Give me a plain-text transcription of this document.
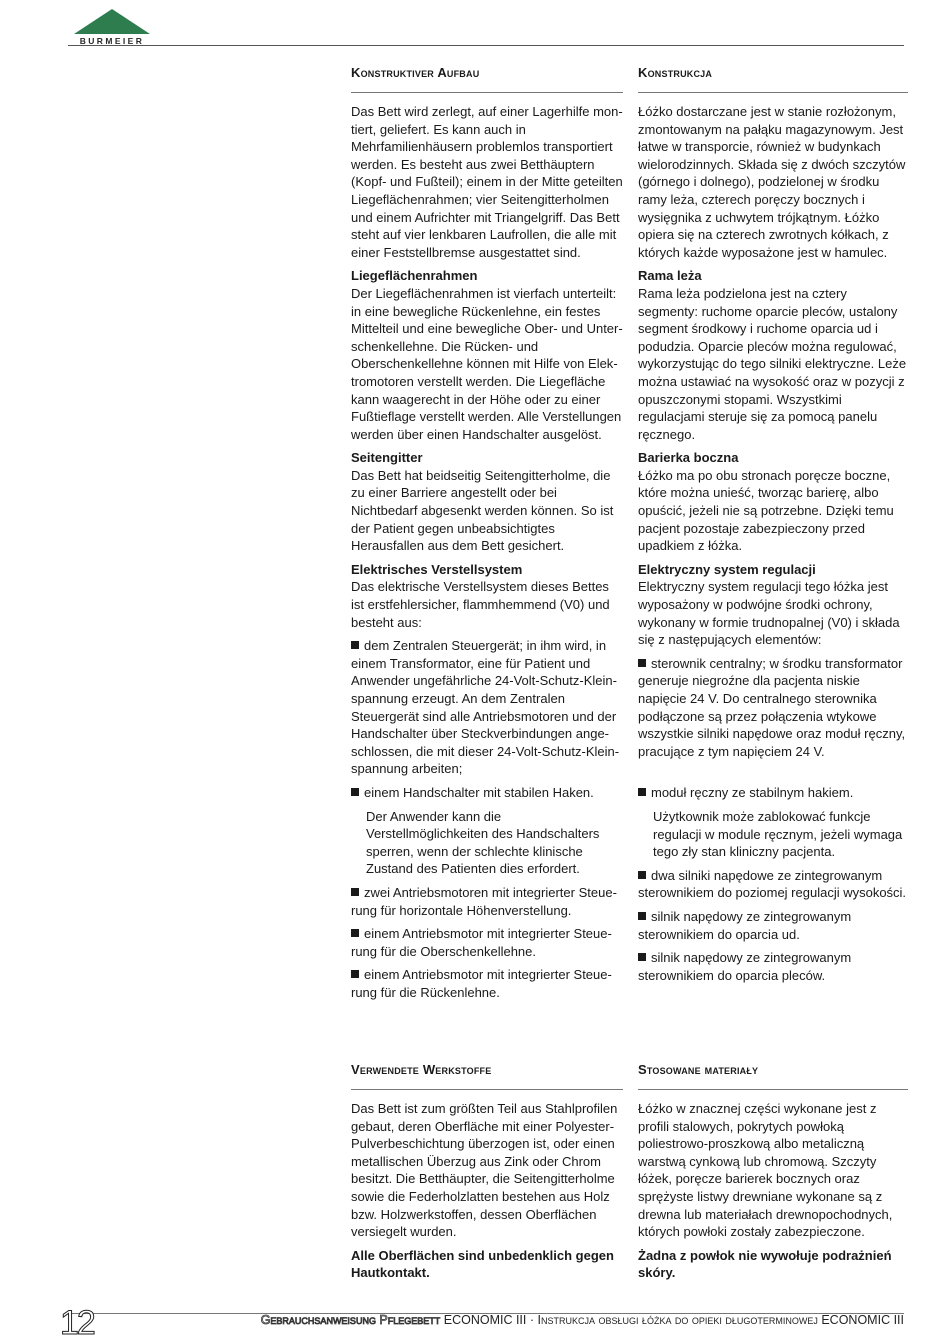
BURMEIER
Konstruktiver Aufbau

Das Bett wird zerlegt, auf einer Lagerhilfe montiert, geliefert. Es kann auch in Mehrfamilienhäusern problemlos transportiert werden. Es besteht aus zwei Betthäuptern (Kopf- und Fußteil); einem in der Mitte geteilten Liegeflächenrahmen; vier Seitengitterholmen und einem Aufrichter mit Triangelgriff. Das Bett steht auf vier lenkbaren Laufrollen, die alle mit einer Feststellbremse ausgestattet sind.

Liegeflächenrahmen

Der Liegeflächenrahmen ist vierfach unterteilt: in eine bewegliche Rückenlehne, ein festes Mittelteil und eine bewegliche Ober- und Unterschenkellehne. Die Rücken- und Oberschenkellehne können mit Hilfe von Elektromotoren verstellt werden. Die Liegefläche kann waagerecht in der Höhe oder zu einer Fußtieflage verstellt werden. Alle Verstellungen werden über einen Handschalter ausgelöst.

Seitengitter

Das Bett hat beidseitig Seitengitterholme, die zu einer Barriere angestellt oder bei Nichtbedarf abgesenkt werden können. So ist der Patient gegen unbeabsichtigtes Herausfallen aus dem Bett gesichert.

Elektrisches Verstellsystem

Das elektrische Verstellsystem dieses Bettes ist erstfehlersicher, flammhemmend (V0) und besteht aus:

dem Zentralen Steuergerät; in ihm wird, in einem Transformator, eine für Patient und Anwender ungefährliche 24-Volt-Schutz-Kleinspannung erzeugt. An dem Zentralen Steuergerät sind alle Antriebsmotoren und der Handschalter über Steckverbindungen angeschlossen, die mit dieser 24-Volt-Schutz-Kleinspannung arbeiten;
einem Handschalter mit stabilen Haken.
Der Anwender kann die Verstellmöglichkeiten des Handschalters sperren, wenn der schlechte klinische Zustand des Patienten dies erfordert.
zwei Antriebsmotoren mit integrierter Steuerung für horizontale Höhenverstellung.
einem Antriebsmotor mit integrierter Steuerung für die Oberschenkellehne.
einem Antriebsmotor mit integrierter Steuerung für die Rückenlehne.
Konstrukcja

Łóżko dostarczane jest w stanie rozłożonym, zmontowanym na pałąku magazynowym. Jest łatwe w transporcie, również w budynkach wielorodzinnych. Składa się z dwóch szczytów (górnego i dolnego), podzielonej w środku ramy leża, czterech poręczy bocznych i wysięgnika z uchwytem trójkątnym. Łóżko opiera się na czterech zwrotnych kółkach, z których każde wyposażone jest w hamulec.

Rama leża

Rama leża podzielona jest na cztery segmenty: ruchome oparcie pleców, ustalony segment środkowy i ruchome oparcia ud i podudzia. Oparcie pleców można regulować, wykorzystując do tego silniki elektryczne. Leże można ustawiać na wysokość oraz w pozycji z opuszczonymi stopami. Wszystkimi regulacjami steruje się za pomocą panelu ręcznego.

Barierka boczna

Łóżko ma po obu stronach poręcze boczne, które można unieść, tworząc barierę, albo opuścić, jeżeli nie są potrzebne. Dzięki temu pacjent pozostaje zabezpieczony przed upadkiem z łóżka.

Elektryczny system regulacji

Elektryczny system regulacji tego łóżka jest wyposażony w podwójne środki ochrony, wykonany w formie trudnopalnej (V0) i składa się z następujących elementów:

sterownik centralny; w środku transformator generuje niegroźne dla pacjenta niskie napięcie 24 V. Do centralnego sterownika podłączone są przez połączenia wtykowe wszystkie silniki napędowe oraz moduł ręczny, pracujące z tym napięciem 24 V.
moduł ręczny ze stabilnym hakiem.
Użytkownik może zablokować funkcje regulacji w module ręcznym, jeżeli wymaga tego zły stan kliniczny pacjenta.
dwa silniki napędowe ze zintegrowanym sterownikiem do poziomej regulacji wysokości.
silnik napędowy ze zintegrowanym sterownikiem do oparcia ud.
silnik napędowy ze zintegrowanym sterownikiem do oparcia pleców.
Verwendete Werkstoffe

Das Bett ist zum größten Teil aus Stahlprofilen gebaut, deren Oberfläche mit einer Polyester-Pulverbeschichtung überzogen ist, oder einen metallischen Überzug aus Zink oder Chrom besitzt. Die Betthäupter, die Seitengitterholme sowie die Federholzlatten bestehen aus Holz bzw. Holzwerkstoffen, dessen Oberflächen versiegelt wurden.

Alle Oberflächen sind unbedenklich gegen Hautkontakt.

Stosowane materiały

Łóżko w znacznej części wykonane jest z profili stalowych, pokrytych powłoką poliestrowo-proszkową albo metaliczną warstwą cynkową lub chromową. Szczyty łóżek, poręcze barierek bocznych oraz sprężyste listwy drewniane wykonane są z drewna lub materiałach drewnopochodnych, których powłoki zostały zabezpieczone.

Żadna z powłok nie wywołuje podrażnień skóry.

12	Gebrauchsanweisung Pflegebett ECONOMIC III · Instrukcja obsługi łóżka do opieki długoterminowej ECONOMIC III
